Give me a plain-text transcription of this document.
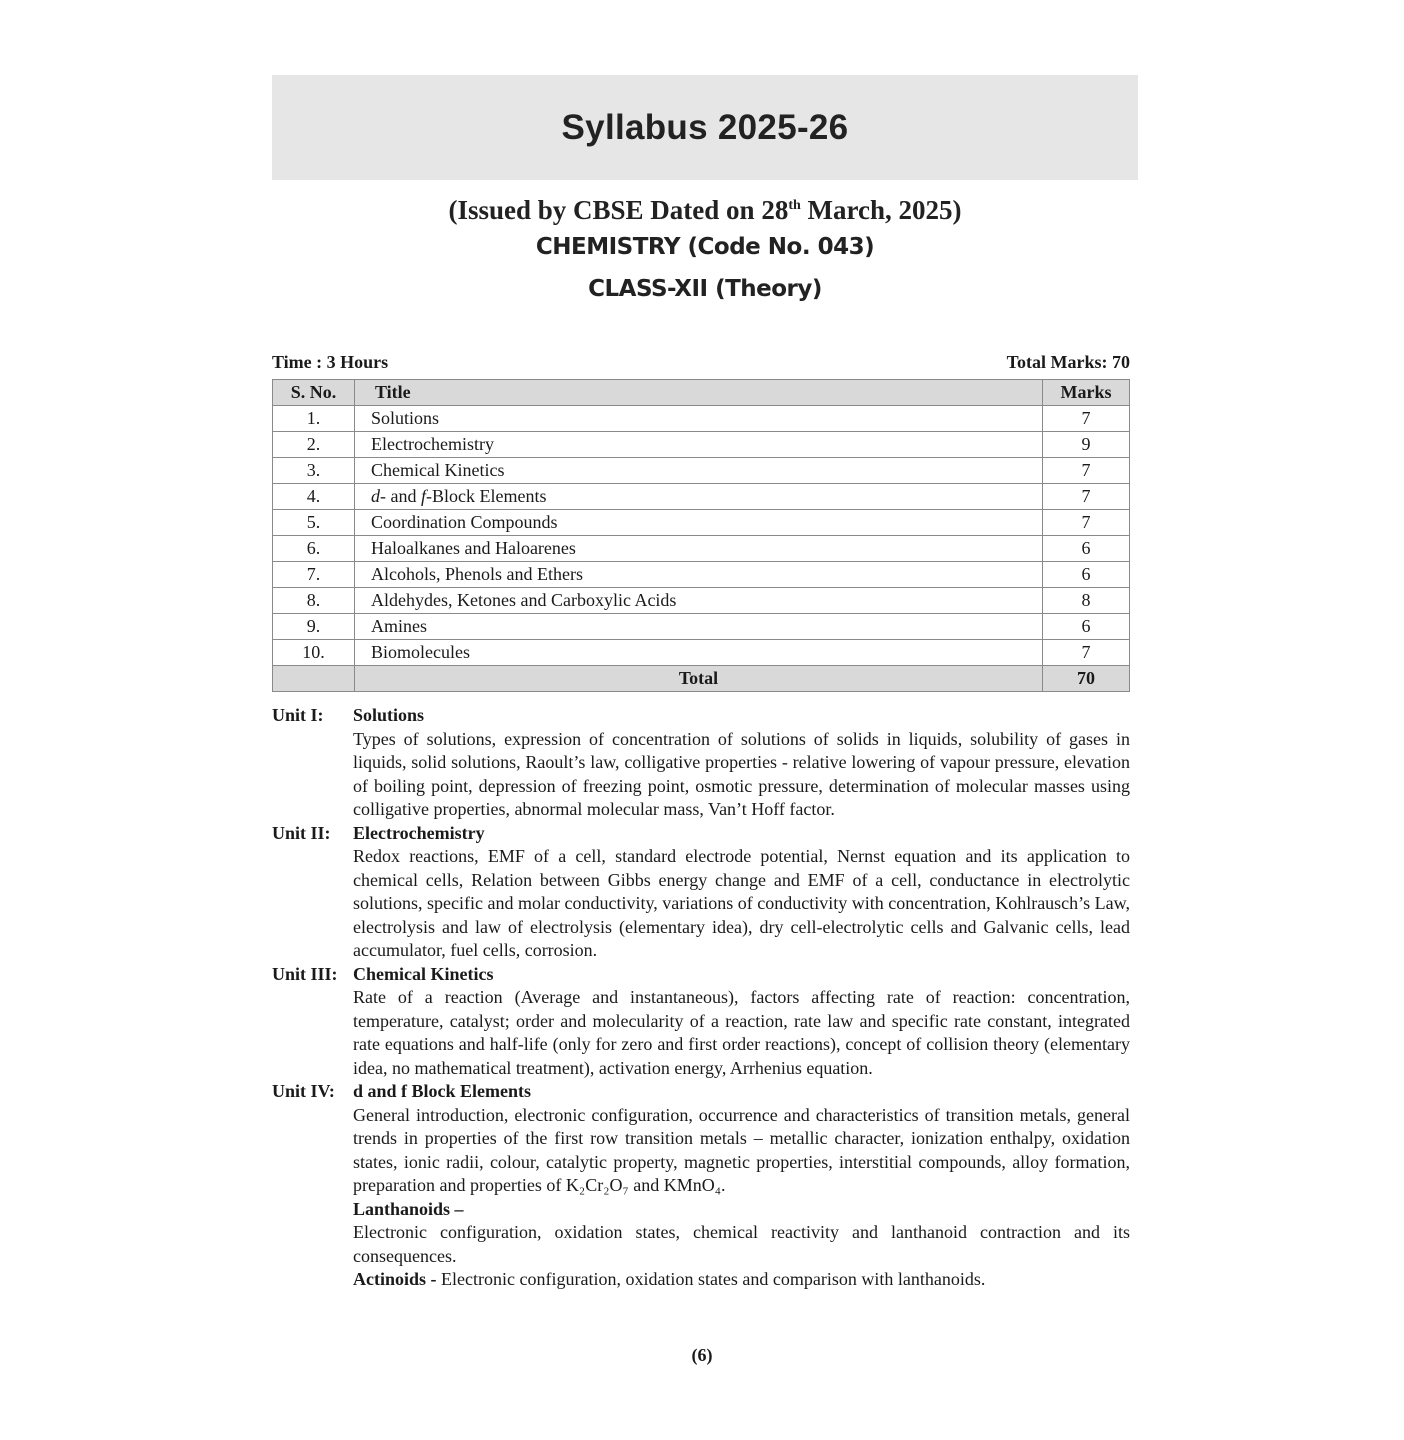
Syllabus 2025-26
(Issued by CBSE Dated on 28th March, 2025)
CHEMISTRY (Code No. 043)
CLASS-XII (Theory)
Time : 3 Hours	Total Marks: 70
S. No.	Title	Marks
1.	Solutions	7
2.	Electrochemistry	9
3.	Chemical Kinetics	7
4.	d- and f-Block Elements	7
5.	Coordination Compounds	7
6.	Haloalkanes and Haloarenes	6
7.	Alcohols, Phenols and Ethers	6
8.	Aldehydes, Ketones and Carboxylic Acids	8
9.	Amines	6
10.	Biomolecules	7
	Total	70
Unit I:	Solutions
Types of solutions, expression of concentration of solutions of solids in liquids, solubility of gases in liquids, solid solutions, Raoult’s law, colligative properties - relative lowering of vapour pressure, elevation of boiling point, depression of freezing point, osmotic pressure, determination of molecular masses using colligative properties, abnormal molecular mass, Van’t Hoff factor.
Unit II:	Electrochemistry
Redox reactions, EMF of a cell, standard electrode potential, Nernst equation and its application to chemical cells, Relation between Gibbs energy change and EMF of a cell, conductance in electrolytic solutions, specific and molar conductivity, variations of conductivity with concentration, Kohlrausch’s Law, electrolysis and law of electrolysis (elementary idea), dry cell-electrolytic cells and Galvanic cells, lead accumulator, fuel cells, corrosion.
Unit III: Chemical Kinetics
Rate of a reaction (Average and instantaneous), factors affecting rate of reaction: concentration, temperature, catalyst; order and molecularity of a reaction, rate law and specific rate constant, integrated rate equations and half-life (only for zero and first order reactions), concept of collision theory (elementary idea, no mathematical treatment), activation energy, Arrhenius equation.
Unit IV:	d and f Block Elements
General introduction, electronic configuration, occurrence and characteristics of transition metals, general trends in properties of the first row transition metals – metallic character, ionization enthalpy, oxidation states, ionic radii, colour, catalytic property, magnetic properties, interstitial compounds, alloy formation, preparation and properties of K₂Cr₂O₇ and KMnO₄.
Lanthanoids –
Electronic configuration, oxidation states, chemical reactivity and lanthanoid contraction and its consequences.
Actinoids - Electronic configuration, oxidation states and comparison with lanthanoids.
(6)
